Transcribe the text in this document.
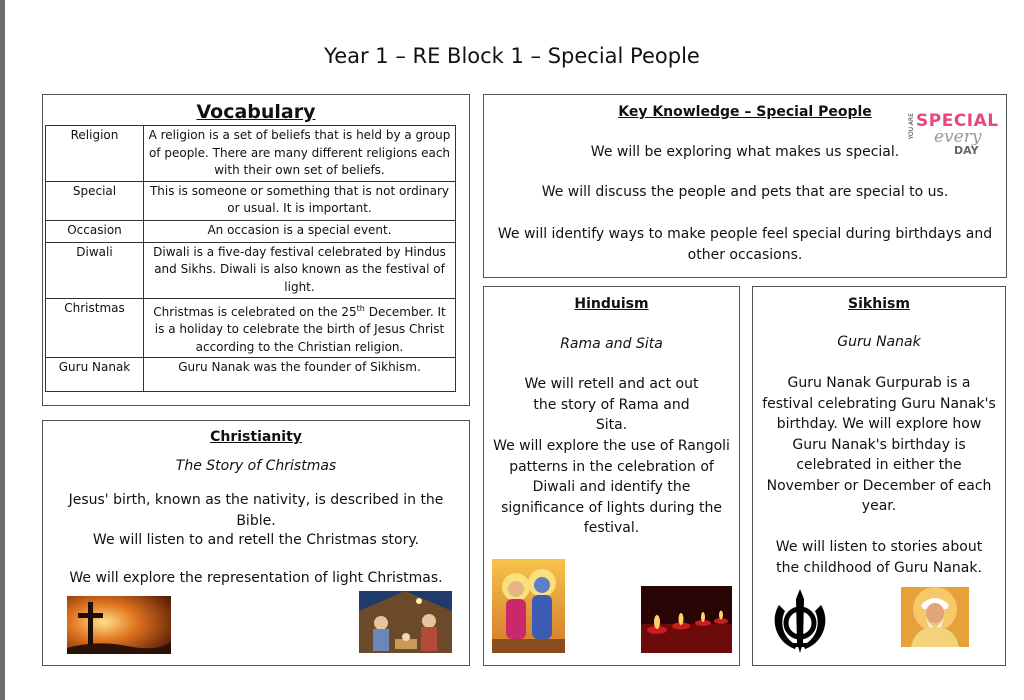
Year 1 – RE Block 1 – Special People
Vocabulary
Religion	A religion is a set of beliefs that is held by a group of people. There are many different religions each with their own set of beliefs.
Special	This is someone or something that is not ordinary or usual. It is important.
Occasion	An occasion is a special event.
Diwali	Diwali is a five-day festival celebrated by Hindus and Sikhs. Diwali is also known as the festival of light.
Christmas	Christmas is celebrated on the 25th December. It is a holiday to celebrate the birth of Jesus Christ according to the Christian religion.
Guru Nanak	Guru Nanak was the founder of Sikhism.
Key Knowledge – Special People
We will be exploring what makes us special.
We will discuss the people and pets that are special to us.
We will identify ways to make people feel special during birthdays and other occasions.
YOU ARE SPECIAL
every
DAY
Hinduism
Rama and Sita
We will retell and act out the story of Rama and Sita.
We will explore the use of Rangoli patterns in the celebration of Diwali and identify the significance of lights during the festival.
Sikhism
Guru Nanak
Guru Nanak Gurpurab is a festival celebrating Guru Nanak's birthday. We will explore how Guru Nanak's birthday is celebrated in either the November or December of each year.
We will listen to stories about the childhood of Guru Nanak.
Christianity
The Story of Christmas
Jesus' birth, known as the nativity, is described in the Bible.
We will listen to and retell the Christmas story.
We will explore the representation of light Christmas.
